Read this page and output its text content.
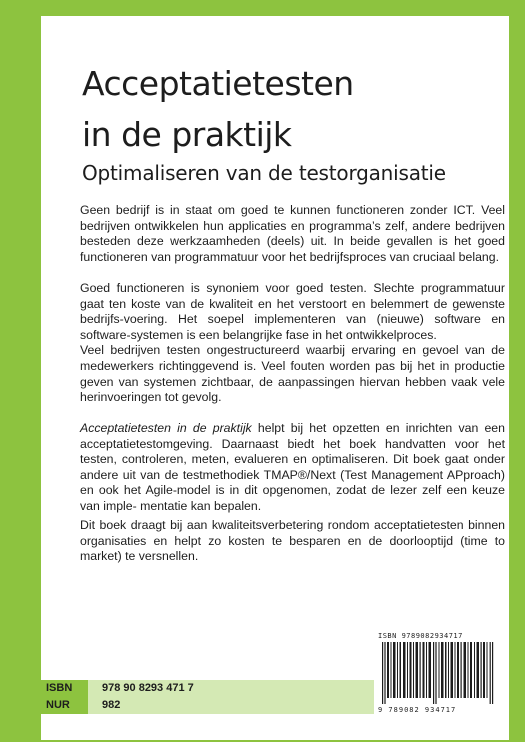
Acceptatietesten
in de praktijk
Optimaliseren van de testorganisatie

Geen bedrijf is in staat om goed te kunnen functioneren zonder ICT. Veel bedrijven ontwikkelen hun applicaties en programma’s zelf, andere bedrijven besteden deze werkzaamheden (deels) uit. In beide gevallen is het goed functioneren van programmatuur voor het bedrijfsproces van cruciaal belang.

Goed functioneren is synoniem voor goed testen. Slechte programmatuur gaat ten koste van de kwaliteit en het verstoort en belemmert de gewenste bedrijfs-voering. Het soepel implementeren van (nieuwe) software en software-systemen is een belangrijke fase in het ontwikkelproces.

Veel bedrijven testen ongestructureerd waarbij ervaring en gevoel van de medewerkers richtinggevend is. Veel fouten worden pas bij het in productie geven van systemen zichtbaar, de aanpassingen hiervan hebben vaak vele herinvoeringen tot gevolg.

Acceptatietesten in de praktijk helpt bij het opzetten en inrichten van een acceptatietestomgeving. Daarnaast biedt het boek handvatten voor het testen, controleren, meten, evalueren en optimaliseren. Dit boek gaat onder andere uit van de testmethodiek TMAP®/Next (Test Management APproach) en ook het Agile-model is in dit opgenomen, zodat de lezer zelf een keuze van imple- mentatie kan bepalen.

Dit boek draagt bij aan kwaliteitsverbetering rondom acceptatietesten binnen organisaties en helpt zo kosten te besparen en de doorlooptijd (time to market) te versnellen.

ISBN 9789082934717
9 789082 934717
ISBN	978 90 8293 471 7
NUR	982
